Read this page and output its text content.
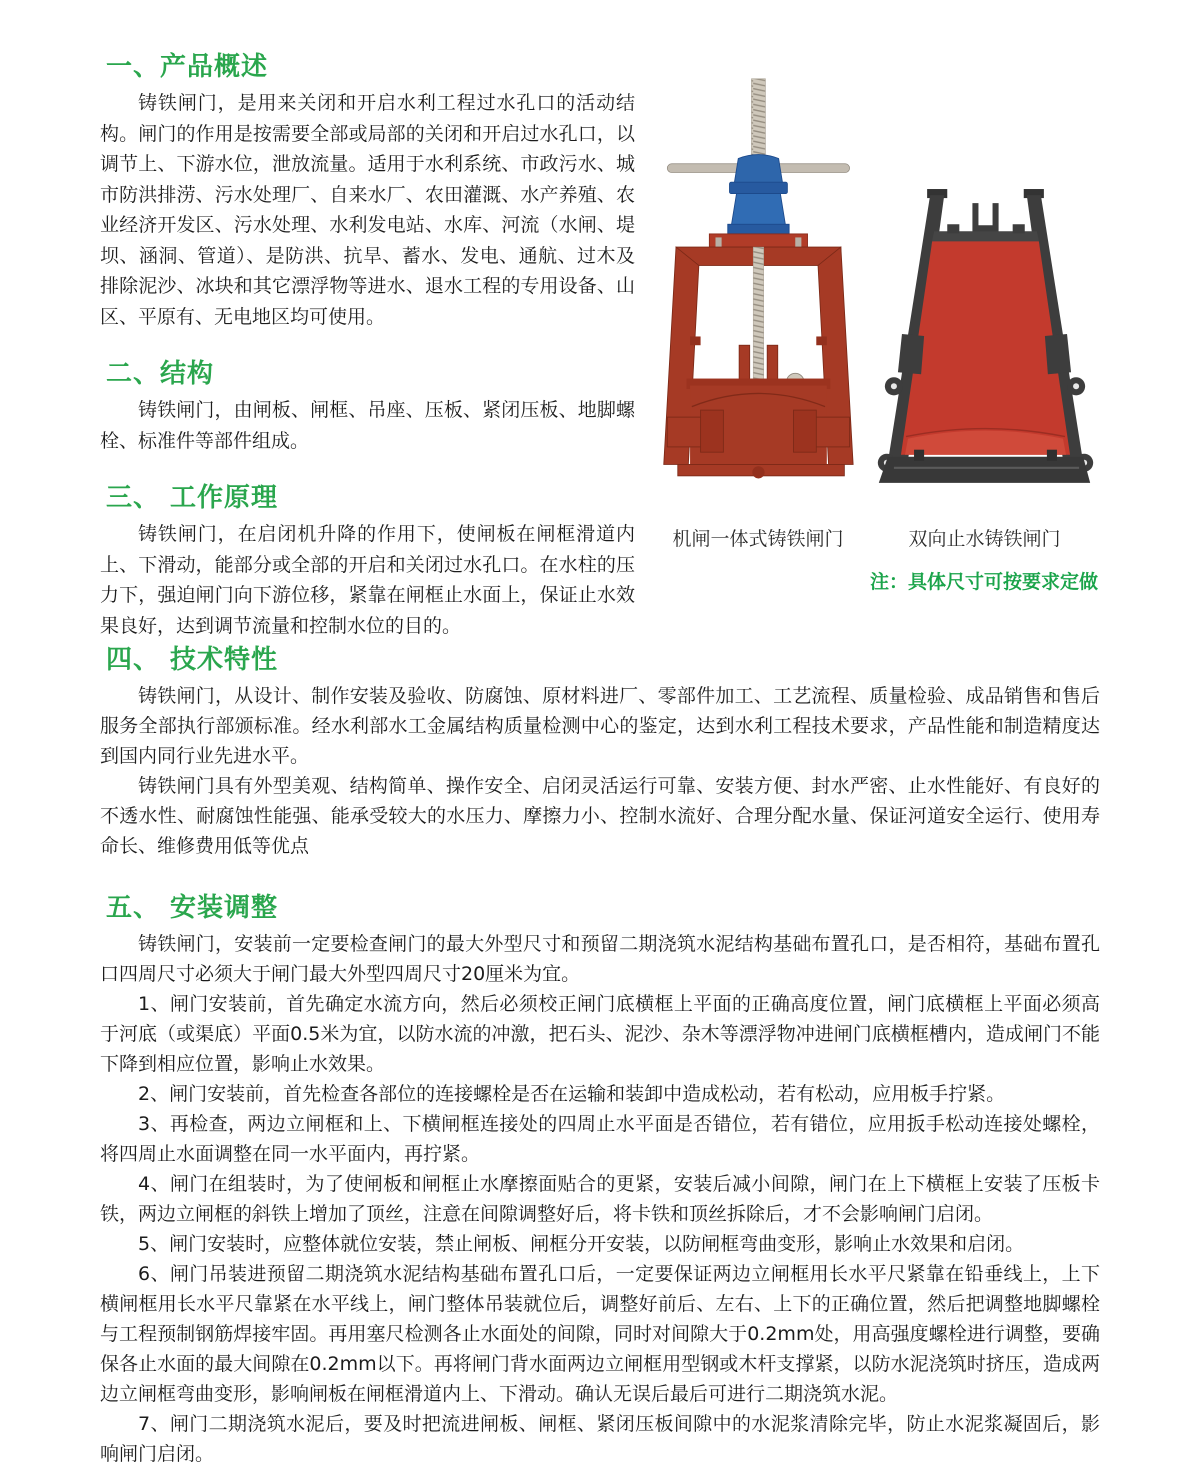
一、产品概述

铸铁闸门，是用来关闭和开启水利工程过水孔口的活动结构。闸门的作用是按需要全部或局部的关闭和开启过水孔口，以调节上、下游水位，泄放流量。适用于水利系统、市政污水、城市防洪排涝、污水处理厂、自来水厂、农田灌溉、水产养殖、农业经济开发区、污水处理、水利发电站、水库、河流（水闸、堤坝、涵洞、管道）、是防洪、抗旱、蓄水、发电、通航、过木及排除泥沙、冰块和其它漂浮物等进水、退水工程的专用设备、山区、平原有、无电地区均可使用。

二、结构

铸铁闸门，由闸板、闸框、吊座、压板、紧闭压板、地脚螺栓、标准件等部件组成。

三、 工作原理

铸铁闸门，在启闭机升降的作用下，使闸板在闸框滑道内上、下滑动，能部分或全部的开启和关闭过水孔口。在水柱的压力下，强迫闸门向下游位移，紧靠在闸框止水面上，保证止水效果良好，达到调节流量和控制水位的目的。

机闸一体式铸铁闸门	双向止水铸铁闸门
注：具体尺寸可按要求定做
四、 技术特性

铸铁闸门，从设计、制作安装及验收、防腐蚀、原材料进厂、零部件加工、工艺流程、质量检验、成品销售和售后服务全部执行部颁标准。经水利部水工金属结构质量检测中心的鉴定，达到水利工程技术要求，产品性能和制造精度达到国内同行业先进水平。

铸铁闸门具有外型美观、结构简单、操作安全、启闭灵活运行可靠、安装方便、封水严密、止水性能好、有良好的不透水性、耐腐蚀性能强、能承受较大的水压力、摩擦力小、控制水流好、合理分配水量、保证河道安全运行、使用寿命长、维修费用低等优点

五、 安装调整

铸铁闸门，安装前一定要检查闸门的最大外型尺寸和预留二期浇筑水泥结构基础布置孔口，是否相符，基础布置孔口四周尺寸必须大于闸门最大外型四周尺寸20厘米为宜。

1、闸门安装前，首先确定水流方向，然后必须校正闸门底横框上平面的正确高度位置，闸门底横框上平面必须高于河底（或渠底）平面0.5米为宜，以防水流的冲激，把石头、泥沙、杂木等漂浮物冲进闸门底横框槽内，造成闸门不能下降到相应位置，影响止水效果。

2、闸门安装前，首先检查各部位的连接螺栓是否在运输和装卸中造成松动，若有松动，应用板手拧紧。

3、再检查，两边立闸框和上、下横闸框连接处的四周止水平面是否错位，若有错位，应用扳手松动连接处螺栓，将四周止水面调整在同一水平面内，再拧紧。

4、闸门在组装时，为了使闸板和闸框止水摩擦面贴合的更紧，安装后减小间隙，闸门在上下横框上安装了压板卡铁，两边立闸框的斜铁上增加了顶丝，注意在间隙调整好后，将卡铁和顶丝拆除后，才不会影响闸门启闭。

5、闸门安装时，应整体就位安装，禁止闸板、闸框分开安装，以防闸框弯曲变形，影响止水效果和启闭。

6、闸门吊装进预留二期浇筑水泥结构基础布置孔口后，一定要保证两边立闸框用长水平尺紧靠在铅垂线上，上下横闸框用长水平尺靠紧在水平线上，闸门整体吊装就位后，调整好前后、左右、上下的正确位置，然后把调整地脚螺栓与工程预制钢筋焊接牢固。再用塞尺检测各止水面处的间隙，同时对间隙大于0.2mm处，用高强度螺栓进行调整，要确保各止水面的最大间隙在0.2mm以下。再将闸门背水面两边立闸框用型钢或木杆支撑紧，以防水泥浇筑时挤压，造成两边立闸框弯曲变形，影响闸板在闸框滑道内上、下滑动。确认无误后最后可进行二期浇筑水泥。

7、闸门二期浇筑水泥后，要及时把流进闸板、闸框、紧闭压板间隙中的水泥浆清除完毕，防止水泥浆凝固后，影响闸门启闭。
